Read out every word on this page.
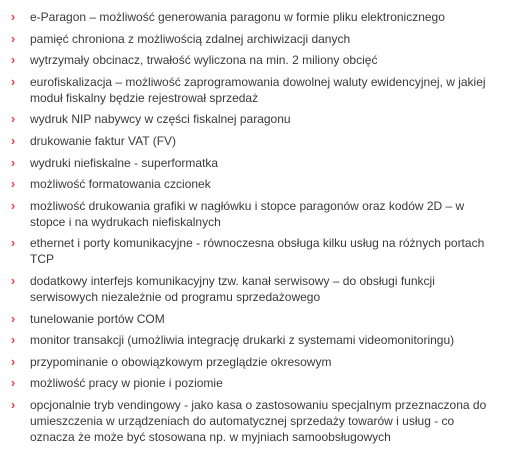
› e-Paragon – możliwość generowania paragonu w formie pliku elektronicznego
› pamięć chroniona z możliwością zdalnej archiwizacji danych
› wytrzymały obcinacz, trwałość wyliczona na min. 2 miliony obcięć
› eurofiskalizacja – możliwość zaprogramowania dowolnej waluty ewidencyjnej, w jakiej moduł fiskalny będzie rejestrował sprzedaż
› wydruk NIP nabywcy w części fiskalnej paragonu
› drukowanie faktur VAT (FV)
› wydruki niefiskalne - superformatka
› możliwość formatowania czcionek
› możliwość drukowania grafiki w nagłówku i stopce paragonów oraz kodów 2D – w stopce i na wydrukach niefiskalnych
› ethernet i porty komunikacyjne - równoczesna obsługa kilku usług na różnych portach TCP
› dodatkowy interfejs komunikacyjny tzw. kanał serwisowy – do obsługi funkcji serwisowych niezależnie od programu sprzedażowego
› tunelowanie portów COM
› monitor transakcji (umożliwia integrację drukarki z systemami videomonitoringu)
› przypominanie o obowiązkowym przeglądzie okresowym
› możliwość pracy w pionie i poziomie
› opcjonalnie tryb vendingowy - jako kasa o zastosowaniu specjalnym przeznaczona do umieszczenia w urządzeniach do automatycznej sprzedaży towarów i usług - co oznacza że może być stosowana np. w myjniach samoobsługowych
